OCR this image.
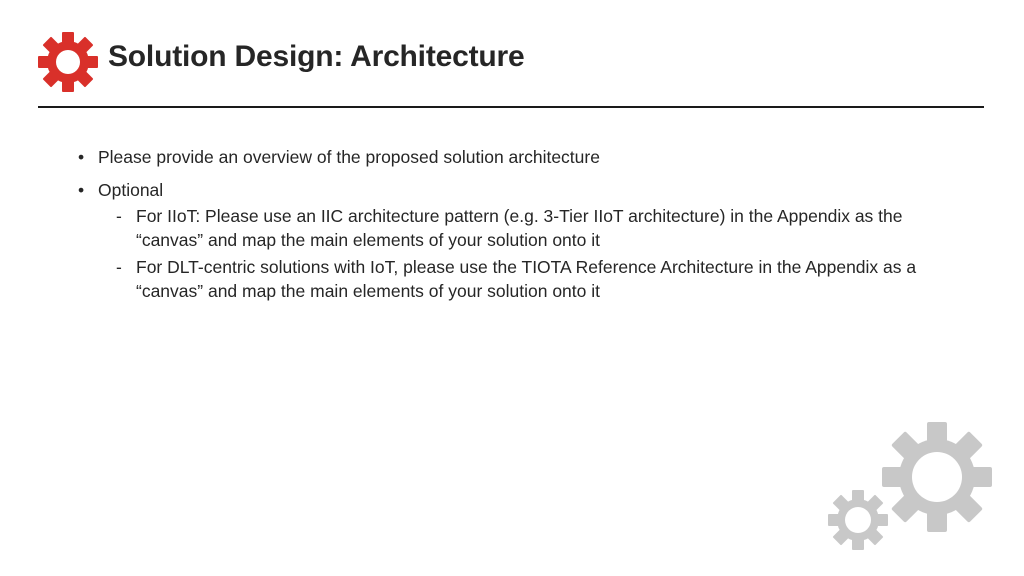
Solution Design: Architecture
• Please provide an overview of the proposed solution architecture
• Optional
- For IIoT: Please use an IIC architecture pattern (e.g. 3-Tier IIoT architecture) in the Appendix as the “canvas” and map the main elements of your solution onto it
- For DLT-centric solutions with IoT, please use the TIOTA Reference Architecture in the Appendix as a “canvas” and map the main elements of your solution onto it
